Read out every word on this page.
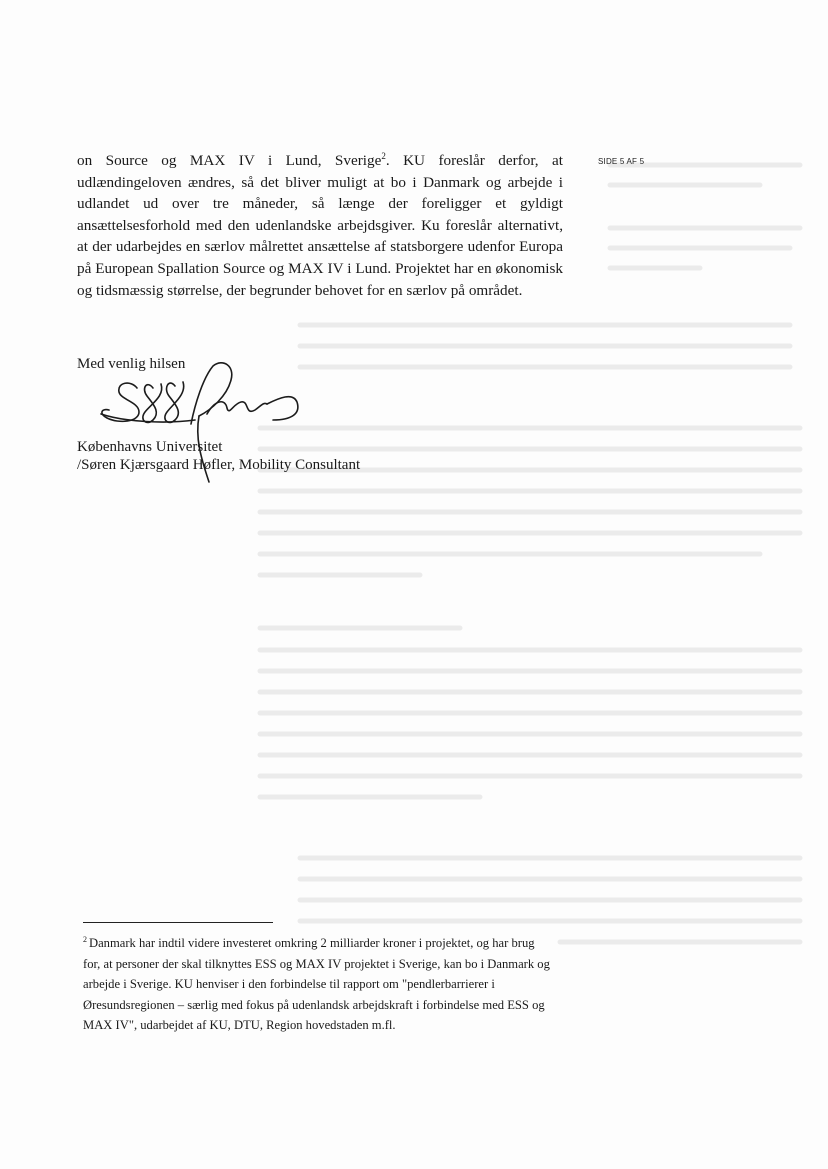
SIDE 5 AF 5

on Source og MAX IV i Lund, Sverige$^2$. KU foreslår derfor, at udlændingeloven ændres, så det bliver muligt at bo i Danmark og arbejde i udlandet ud over tre måneder, så længe der foreligger et gyldigt ansættelsesforhold med den udenlandske arbejdsgiver. Ku foreslår alternativt, at der udarbejdes en særlov målrettet ansættelse af statsborgere udenfor Europa på European Spallation Source og MAX IV i Lund. Projektet har en økonomisk og tidsmæssig størrelse, der begrunder behovet for en særlov på området.

Med venlig hilsen
Københavns Universitet
/Søren Kjærsgaard Høfler, Mobility Consultant

$^2$ Danmark har indtil videre investeret omkring 2 milliarder kroner i projektet, og har brug for, at personer der skal tilknyttes ESS og MAX IV projektet i Sverige, kan bo i Danmark og arbejde i Sverige. KU henviser i den forbindelse til rapport om "pendlerbarrierer i Øresundsregionen – særlig med fokus på udenlandsk arbejdskraft i forbindelse med ESS og MAX IV", udarbejdet af KU, DTU, Region hovedstaden m.fl.
